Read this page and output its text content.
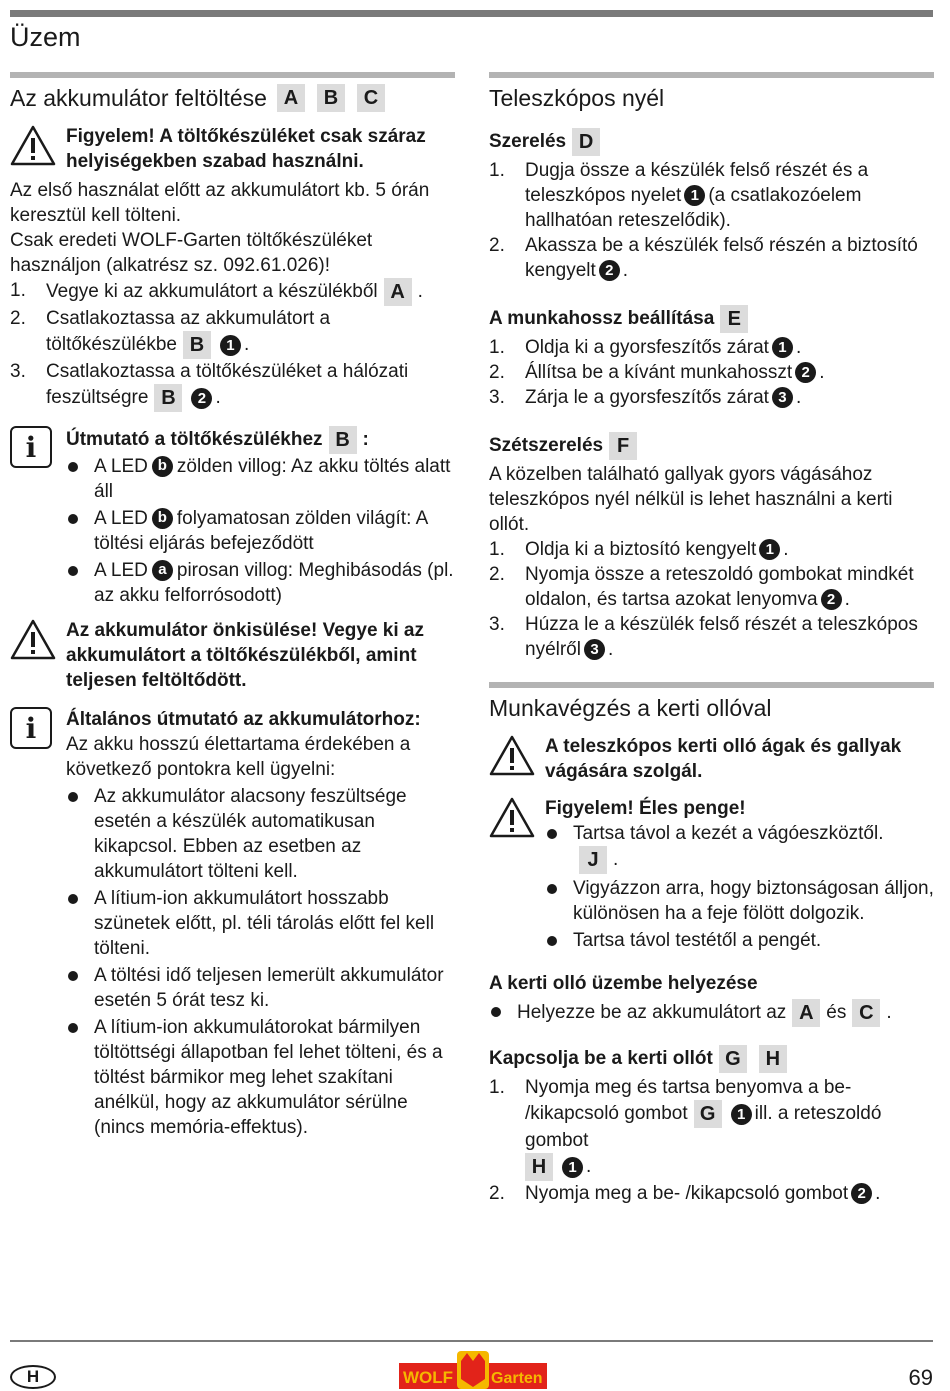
Üzem
Az akkumulátor feltöltése A	B	C

Figyelem! A töltőkészüléket csak száraz helyiségekben szabad használni.

Az első használat előtt az akkumulátort kb. 5 órán keresztül kell tölteni.

Csak eredeti WOLF-Garten töltőkészüléket használjon (alkatrész sz. 092.61.026)!

1. Vegye ki az akkumulátort a készülékből A .
2. Csatlakoztassa az akkumulátort a töltőkészülékbe B 1 .
3. Csatlakoztassa a töltőkészüléket a hálózati feszültségre B 2 .
i	Útmutató a töltőkészülékhez B :

A LED b zölden villog: Az akku töltés alatt áll
A LED b folyamatosan zölden világít: A töltési eljárás befejeződött
A LED a pirosan villog: Meghibásodás (pl. az akku felforrósodott)

Az akkumulátor önkisülése! Vegye ki az akkumulátort a töltőkészülékből, amint teljesen feltöltődött.

i	Általános útmutató az akkumulátorhoz:

Az akku hosszú élettartama érdekében a következő pontokra kell ügyelni:

Az akkumulátor alacsony feszültsége esetén a készülék automatikusan kikapcsol. Ebben az esetben az akkumulátort tölteni kell.
A lítium-ion akkumulátort hosszabb szünetek előtt, pl. téli tárolás előtt fel kell tölteni.
A töltési idő teljesen lemerült akkumulátor esetén 5 órát tesz ki.
A lítium-ion akkumulátorokat bármilyen töltöttségi állapotban fel lehet tölteni, és a töltést bármikor meg lehet szakítani anélkül, hogy az akkumulátor sérülne (nincs memória-effektus).
Teleszkópos nyél
Szerelés D
1. Dugja össze a készülék felső részét és a teleszkópos nyelet 1 (a csatlakozóelem hallhatóan reteszelődik).
2. Akassza be a készülék felső részén a biztosító kengyelt 2 .
A munkahossz beállítása E
1. Oldja ki a gyorsfeszítős zárat 1 .
2. Állítsa be a kívánt munkahosszt 2 .
3. Zárja le a gyorsfeszítős zárat 3 .
Szétszerelés F

A közelben található gallyak gyors vágásához teleszkópos nyél nélkül is lehet használni a kerti ollót.

1. Oldja ki a biztosító kengyelt 1 .
2. Nyomja össze a reteszoldó gombokat mindkét oldalon, és tartsa azokat lenyomva 2 .
3. Húzza le a készülék felső részét a teleszkópos nyélről 3 .
Munkavégzés a kerti ollóval

A teleszkópos kerti olló ágak és gallyak vágására szolgál.

Figyelem! Éles penge!

Tartsa távol a kezét a vágóeszköztől.
J .
Vigyázzon arra, hogy biztonságosan álljon, különösen ha a feje fölött dolgozik.
Tartsa távol testétől a pengét.
A kerti olló üzembe helyezése
Helyezze be az akkumulátort az A és C .
Kapcsolja be a kerti ollót G	H
1. Nyomja meg és tartsa benyomva a be- /kikapcsoló gombot G 1 ill. a reteszoldó gombot
H 1 .
2. Nyomja meg a be- /kikapcsoló gombot 2 .
H	WOLF Garten	69
